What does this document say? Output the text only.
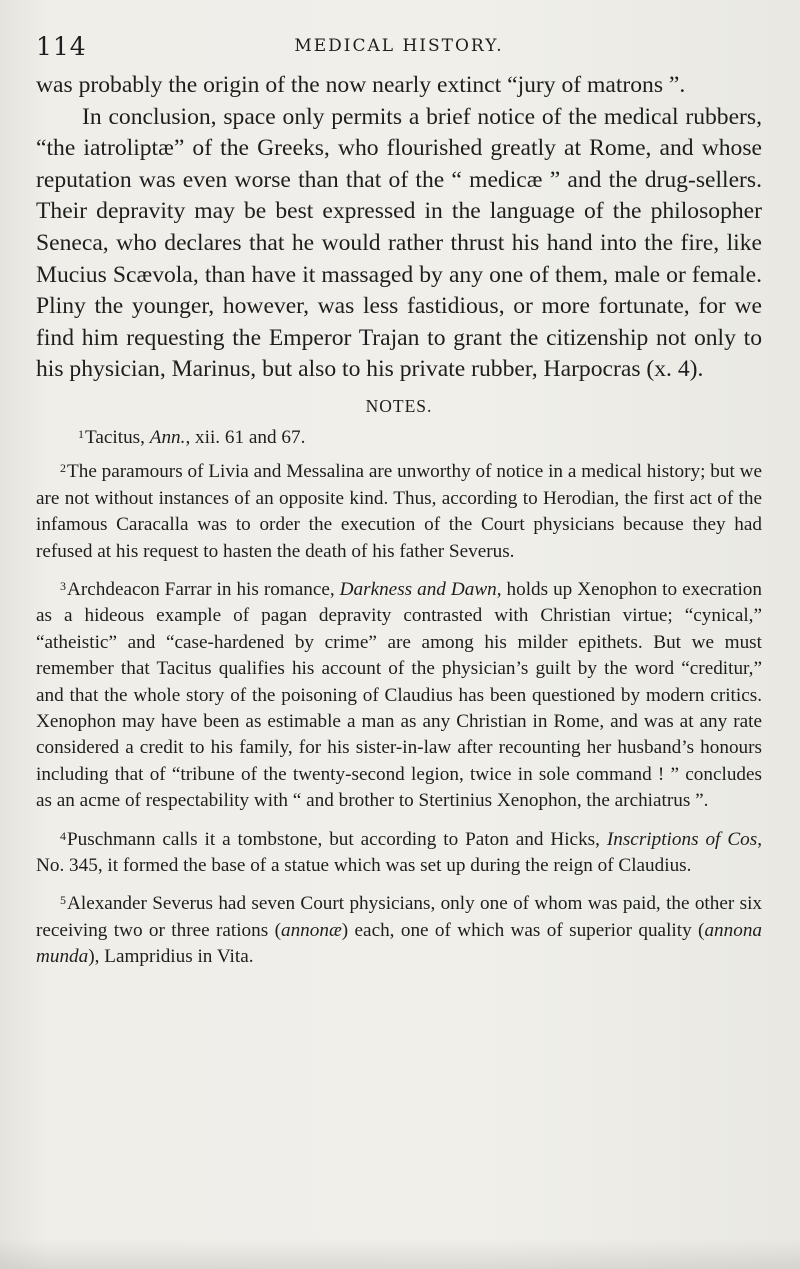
114	MEDICAL HISTORY.

was probably the origin of the now nearly extinct “jury of matrons ”.

In conclusion, space only permits a brief notice of the medical rubbers, “the iatroliptæ” of the Greeks, who flourished greatly at Rome, and whose reputation was even worse than that of the “ medicæ ” and the drug-sellers. Their depravity may be best expressed in the language of the philosopher Seneca, who declares that he would rather thrust his hand into the fire, like Mucius Scævola, than have it massaged by any one of them, male or female. Pliny the younger, however, was less fastidious, or more fortunate, for we find him requesting the Emperor Trajan to grant the citizenship not only to his physician, Marinus, but also to his private rubber, Harpocras (x. 4).

NOTES.

$^1$Tacitus, Ann., xii. 61 and 67.

$^2$The paramours of Livia and Messalina are unworthy of notice in a medical history; but we are not without instances of an opposite kind. Thus, according to Herodian, the first act of the infamous Caracalla was to order the execution of the Court physicians because they had refused at his request to hasten the death of his father Severus.

$^3$Archdeacon Farrar in his romance, Darkness and Dawn, holds up Xenophon to execration as a hideous example of pagan depravity contrasted with Christian virtue; “cynical,” “atheistic” and “case-hardened by crime” are among his milder epithets. But we must remember that Tacitus qualifies his account of the physician’s guilt by the word “creditur,” and that the whole story of the poisoning of Claudius has been questioned by modern critics. Xenophon may have been as estimable a man as any Christian in Rome, and was at any rate considered a credit to his family, for his sister-in-law after recounting her husband’s honours including that of “tribune of the twenty-second legion, twice in sole command ! ” concludes as an acme of respectability with “ and brother to Stertinius Xenophon, the archiatrus ”.

$^4$Puschmann calls it a tombstone, but according to Paton and Hicks, Inscriptions of Cos, No. 345, it formed the base of a statue which was set up during the reign of Claudius.

$^5$Alexander Severus had seven Court physicians, only one of whom was paid, the other six receiving two or three rations (annonæ) each, one of which was of superior quality (annona munda), Lampridius in Vita.
